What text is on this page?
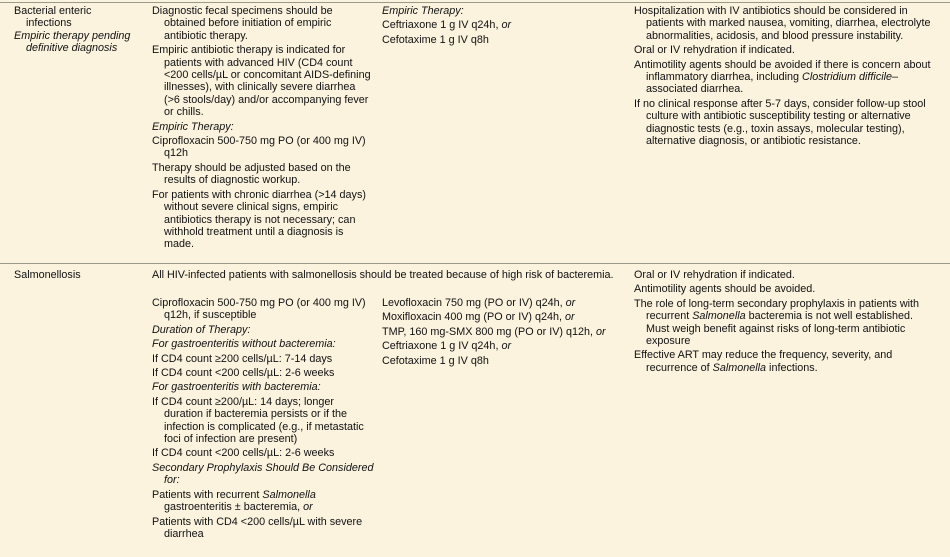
Bacterial enteric infections
Empiric therapy pending definitive diagnosis
Diagnostic fecal specimens should be obtained before initiation of empiric antibiotic therapy.
Empiric antibiotic therapy is indicated for patients with advanced HIV (CD4 count <200 cells/µL or concomitant AIDS-defining illnesses), with clinically severe diarrhea (>6 stools/day) and/or accompanying fever or chills.
Empiric Therapy:
Ciprofloxacin 500-750 mg PO (or 400 mg IV) q12h
Therapy should be adjusted based on the results of diagnostic workup.
For patients with chronic diarrhea (>14 days) without severe clinical signs, empiric antibiotics therapy is not necessary; can withhold treatment until a diagnosis is made.
Empiric Therapy:
Ceftriaxone 1 g IV q24h, or
Cefotaxime 1 g IV q8h
Hospitalization with IV antibiotics should be considered in patients with marked nausea, vomiting, diarrhea, electrolyte abnormalities, acidosis, and blood pressure instability.
Oral or IV rehydration if indicated.
Antimotility agents should be avoided if there is concern about inflammatory diarrhea, including Clostridium difficile–associated diarrhea.
If no clinical response after 5-7 days, consider follow-up stool culture with antibiotic susceptibility testing or alternative diagnostic tests (e.g., toxin assays, molecular testing), alternative diagnosis, or antibiotic resistance.
Salmonellosis	All HIV-infected patients with salmonellosis should be treated because of high risk of bacteremia.
Ciprofloxacin 500-750 mg PO (or 400 mg IV) q12h, if susceptible
Duration of Therapy:
For gastroenteritis without bacteremia:
If CD4 count ≥200 cells/µL: 7-14 days
If CD4 count <200 cells/µL: 2-6 weeks
For gastroenteritis with bacteremia:
If CD4 count ≥200/µL: 14 days; longer duration if bacteremia persists or if the infection is complicated (e.g., if metastatic foci of infection are present)
If CD4 count <200 cells/µL: 2-6 weeks
Secondary Prophylaxis Should Be Considered for:
Patients with recurrent Salmonella gastroenteritis ± bacteremia, or
Patients with CD4 <200 cells/µL with severe diarrhea
Levofloxacin 750 mg (PO or IV) q24h, or
Moxifloxacin 400 mg (PO or IV) q24h, or
TMP, 160 mg-SMX 800 mg (PO or IV) q12h, or
Ceftriaxone 1 g IV q24h, or
Cefotaxime 1 g IV q8h
Oral or IV rehydration if indicated.
Antimotility agents should be avoided.
The role of long-term secondary prophylaxis in patients with recurrent Salmonella bacteremia is not well established. Must weigh benefit against risks of long-term antibiotic exposure
Effective ART may reduce the frequency, severity, and recurrence of Salmonella infections.
